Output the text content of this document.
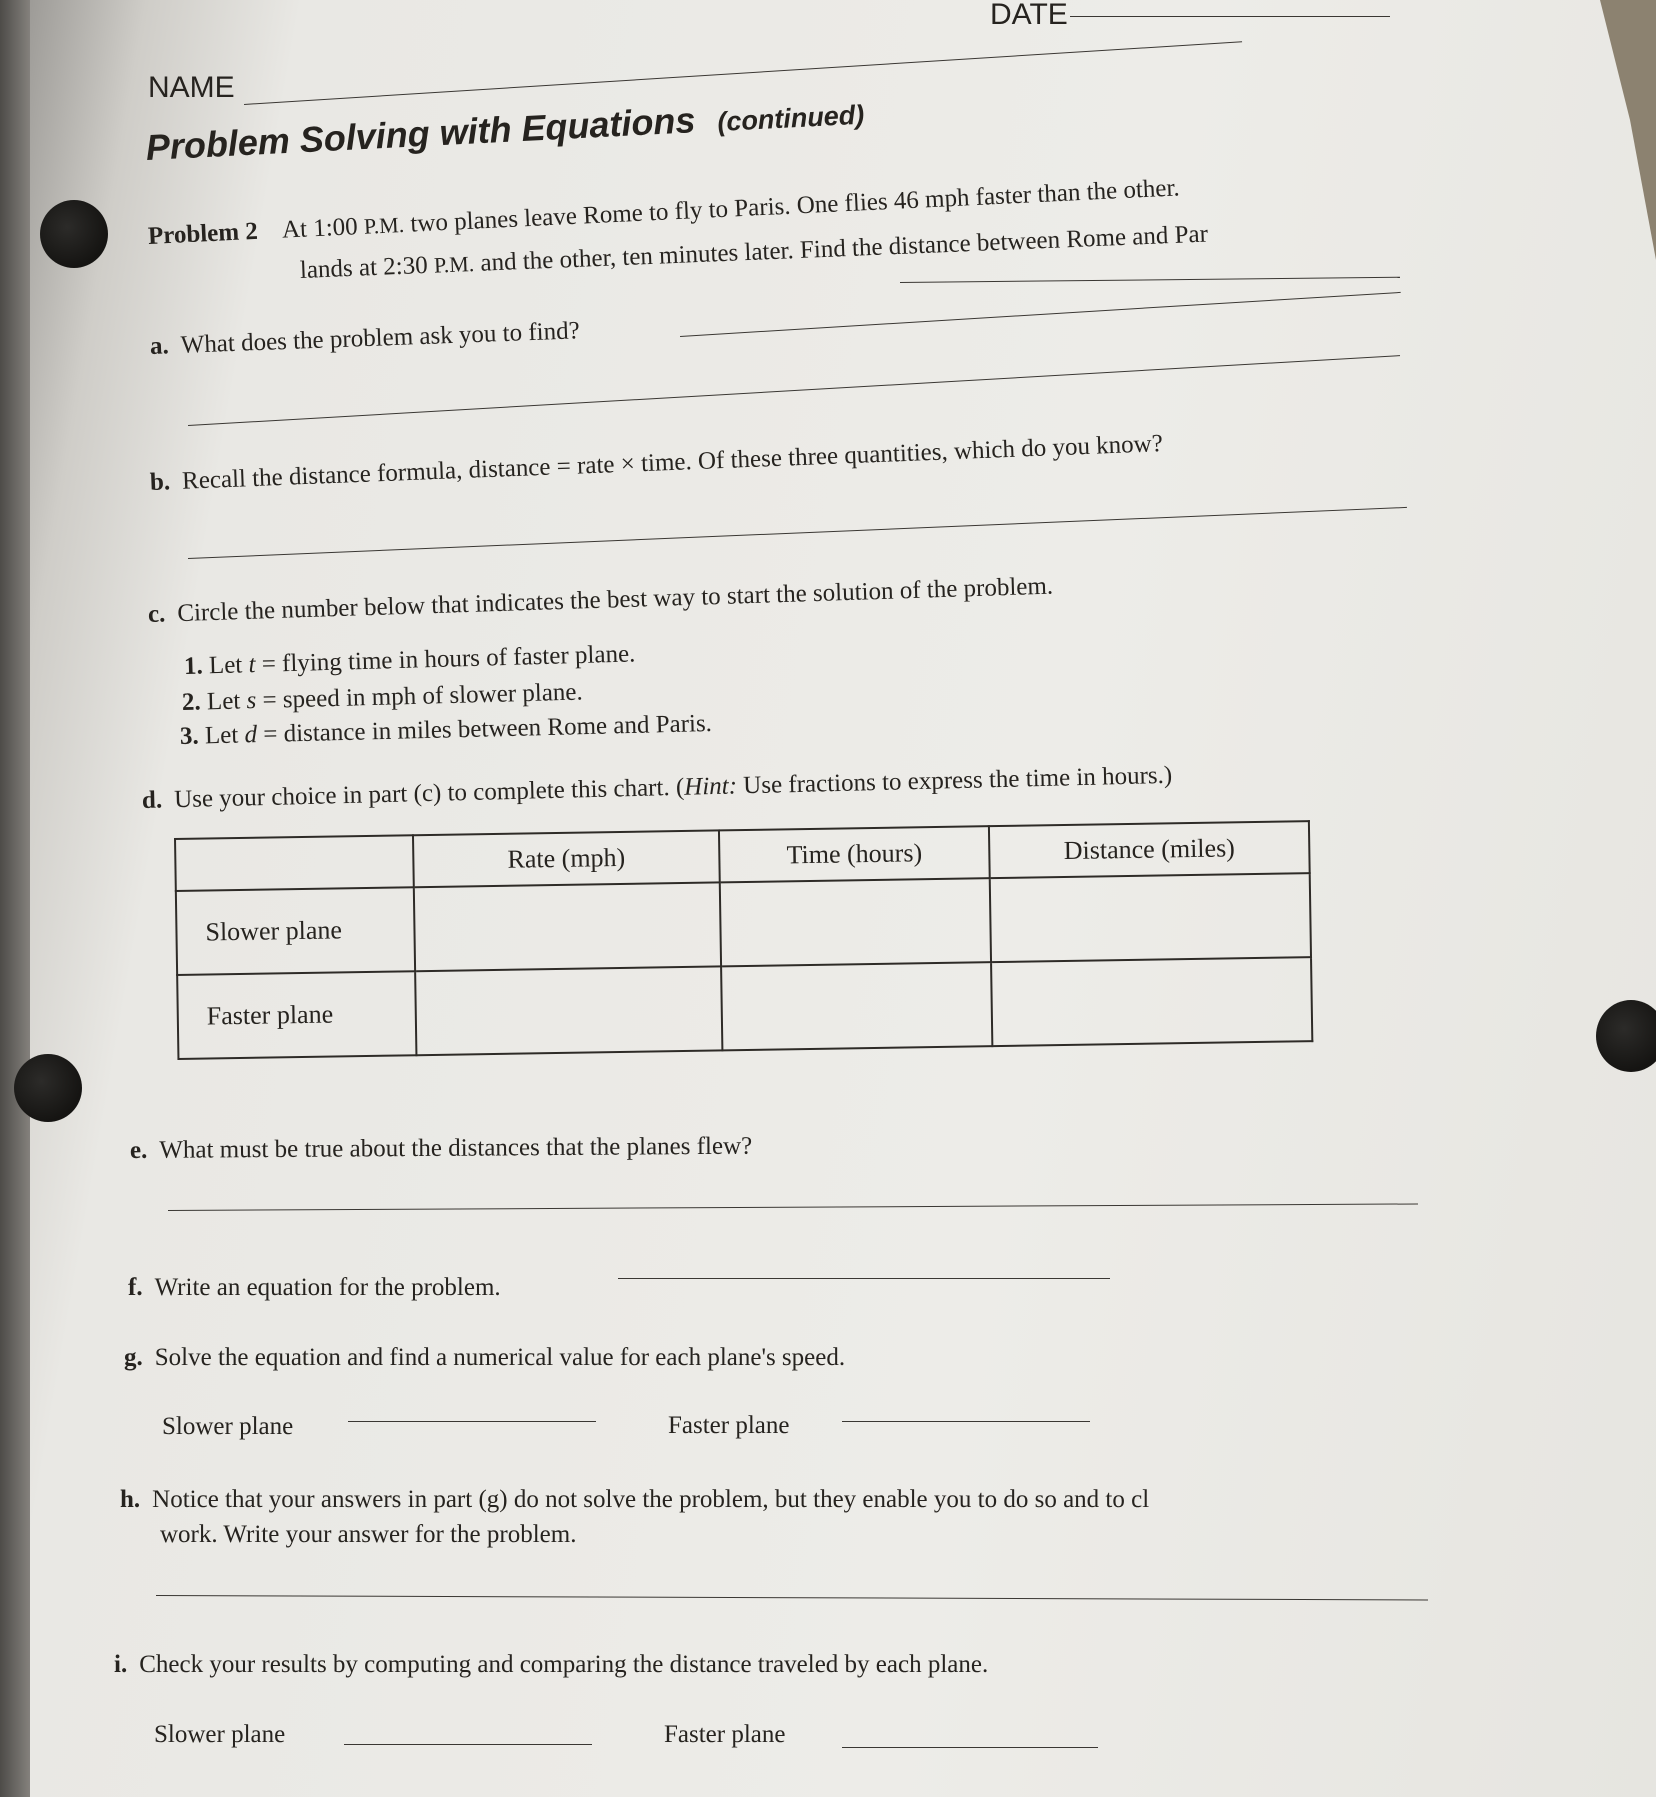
DATE
NAME
Problem Solving with Equations (continued)
Problem 2 At 1:00 P.M. two planes leave Rome to fly to Paris. One flies 46 mph faster than the other.
lands at 2:30 P.M. and the other, ten minutes later. Find the distance between Rome and Par
a. What does the problem ask you to find?
b. Recall the distance formula, distance = rate × time. Of these three quantities, which do you know?
c. Circle the number below that indicates the best way to start the solution of the problem.
1. Let t = flying time in hours of faster plane.
2. Let s = speed in mph of slower plane.
3. Let d = distance in miles between Rome and Paris.
d. Use your choice in part (c) to complete this chart. (Hint: Use fractions to express the time in hours.)
	Rate (mph)	Time (hours)	Distance (miles)
Slower plane			
Faster plane			
e. What must be true about the distances that the planes flew?
f. Write an equation for the problem.
g. Solve the equation and find a numerical value for each plane's speed.
Slower plane	Faster plane
h. Notice that your answers in part (g) do not solve the problem, but they enable you to do so and to cl
work. Write your answer for the problem.
i. Check your results by computing and comparing the distance traveled by each plane.
Slower plane	Faster plane
